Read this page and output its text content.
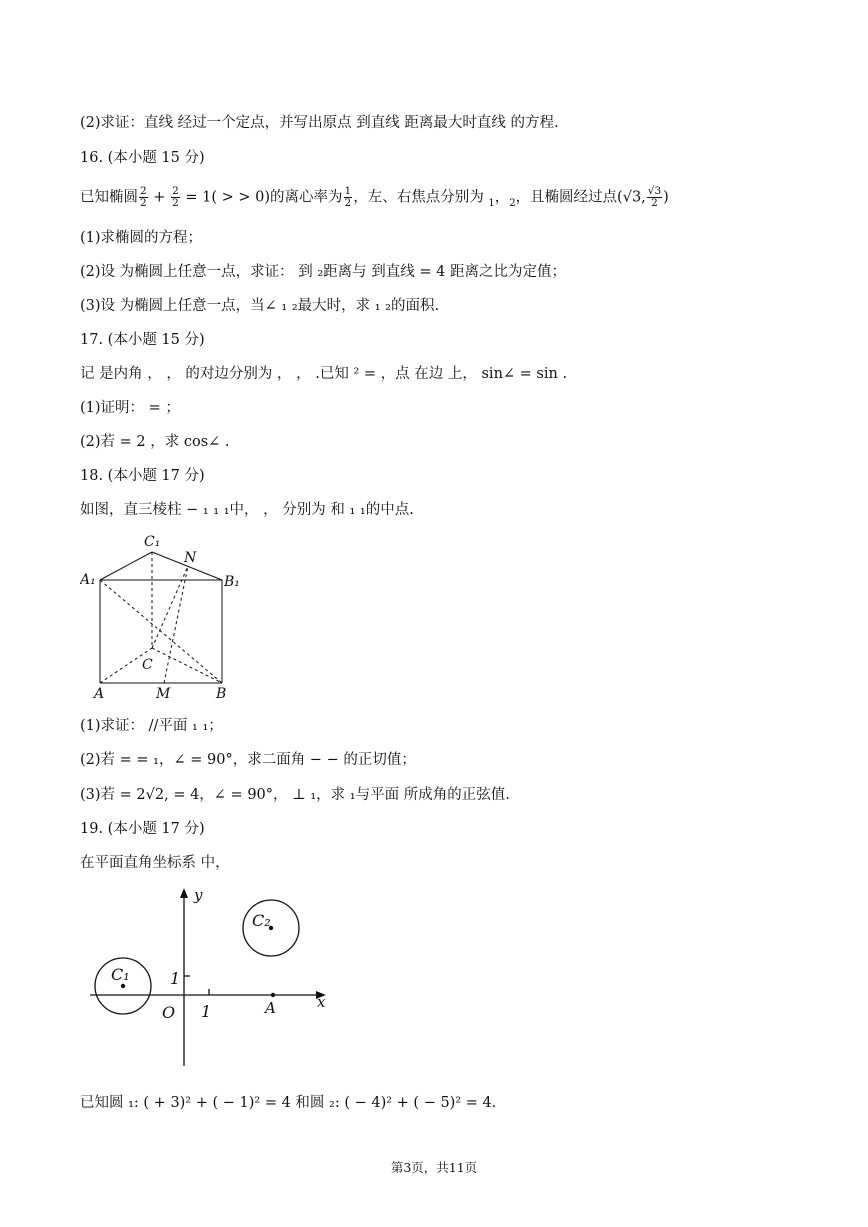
(2)求证：直线 经过一个定点，并写出原点 到直线 距离最大时直线 的方程.
16. (本小题 15 分)
已知椭圆 $\frac{2}{2} + \frac{2}{2} = 1$( > > 0)的离心率为 $\frac{1}{2}$ ，左、右焦点分别为 $_1$，$_2$，且椭圆经过点(√3, $\frac{√3}{2}$ )
(1)求椭圆的方程；
(2)设 为椭圆上任意一点，求证： 到 ₂距离与 到直线 = 4 距离之比为定值；
(3)设 为椭圆上任意一点，当∠ ₁ ₂最大时，求 ₁ ₂的面积.
17. (本小题 15 分)
记 是内角 ， ， 的对边分别为 ， ， .已知 ² = ，点 在边 上， sin∠ = sin .
(1)证明： = ；
(2)若 = 2 ，求 cos∠ .
18. (本小题 17 分)
如图，直三棱柱 − ₁ ₁ ₁中， ， 分别为 和 ₁ ₁的中点.
C₁
N
A₁	B₁
C
A	M	B
(1)求证： //平面 ₁ ₁；
(2)若 = = ₁，∠ = 90°，求二面角 − − 的正切值；
(3)若 = 2√2, = 4，∠ = 90°， ⊥ ₁，求 ₁与平面 所成角的正弦值.
19. (本小题 17 分)
在平面直角坐标系 中，
y
x
O 1
1
A
C₁
C₂
已知圆 ₁: ( + 3)² + ( − 1)² = 4 和圆 ₂: ( − 4)² + ( − 5)² = 4.
第3页，共11页
